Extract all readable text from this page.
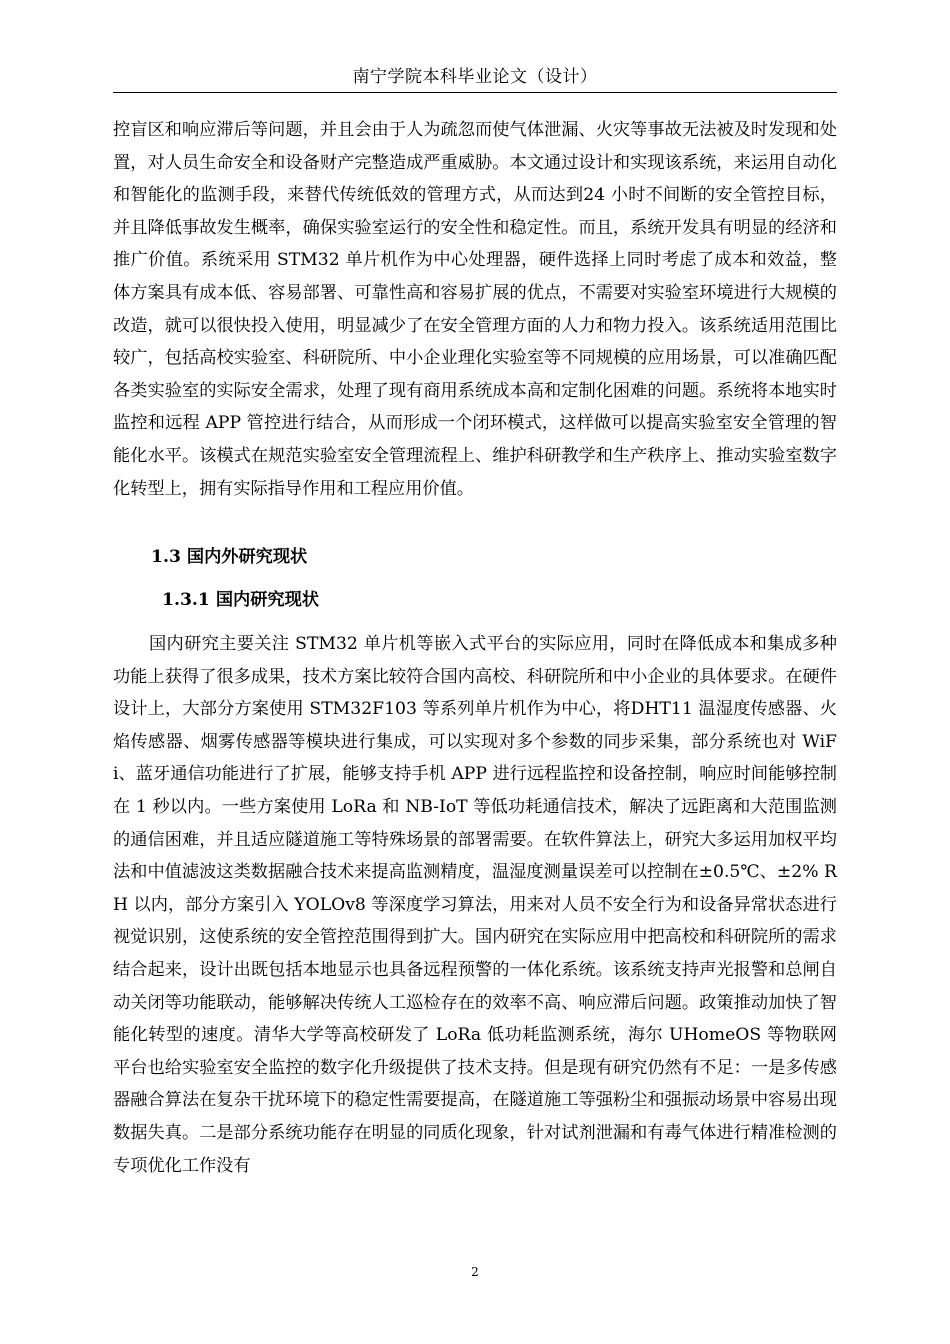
南宁学院本科毕业论文（设计）

控盲区和响应滞后等问题，并且会由于人为疏忽而使气体泄漏、火灾等事故无法被及时发现和处置，对人员生命安全和设备财产完整造成严重威胁。本文通过设计和实现该系统，来运用自动化和智能化的监测手段，来替代传统低效的管理方式，从而达到24 小时不间断的安全管控目标，并且降低事故发生概率，确保实验室运行的安全性和稳定性。而且，系统开发具有明显的经济和推广价值。系统采用 STM32 单片机作为中心处理器，硬件选择上同时考虑了成本和效益，整体方案具有成本低、容易部署、可靠性高和容易扩展的优点，不需要对实验室环境进行大规模的改造，就可以很快投入使用，明显减少了在安全管理方面的人力和物力投入。该系统适用范围比较广，包括高校实验室、科研院所、中小企业理化实验室等不同规模的应用场景，可以准确匹配各类实验室的实际安全需求，处理了现有商用系统成本高和定制化困难的问题。系统将本地实时监控和远程 APP 管控进行结合，从而形成一个闭环模式，这样做可以提高实验室安全管理的智能化水平。该模式在规范实验室安全管理流程上、维护科研教学和生产秩序上、推动实验室数字化转型上，拥有实际指导作用和工程应用价值。

1.3 国内外研究现状
1.3.1 国内研究现状

国内研究主要关注 STM32 单片机等嵌入式平台的实际应用，同时在降低成本和集成多种功能上获得了很多成果，技术方案比较符合国内高校、科研院所和中小企业的具体要求。在硬件设计上，大部分方案使用 STM32F103 等系列单片机作为中心，将DHT11 温湿度传感器、火焰传感器、烟雾传感器等模块进行集成，可以实现对多个参数的同步采集，部分系统也对 WiFi、蓝牙通信功能进行了扩展，能够支持手机 APP 进行远程监控和设备控制，响应时间能够控制在 1 秒以内。一些方案使用 LoRa 和 NB-IoT 等低功耗通信技术，解决了远距离和大范围监测的通信困难，并且适应隧道施工等特殊场景的部署需要。在软件算法上，研究大多运用加权平均法和中值滤波这类数据融合技术来提高监测精度，温湿度测量误差可以控制在±0.5℃、±2% RH 以内，部分方案引入 YOLOv8 等深度学习算法，用来对人员不安全行为和设备异常状态进行视觉识别，这使系统的安全管控范围得到扩大。国内研究在实际应用中把高校和科研院所的需求结合起来，设计出既包括本地显示也具备远程预警的一体化系统。该系统支持声光报警和总闸自动关闭等功能联动，能够解决传统人工巡检存在的效率不高、响应滞后问题。政策推动加快了智能化转型的速度。清华大学等高校研发了 LoRa 低功耗监测系统，海尔 UHomeOS 等物联网平台也给实验室安全监控的数字化升级提供了技术支持。但是现有研究仍然有不足：一是多传感器融合算法在复杂干扰环境下的稳定性需要提高，在隧道施工等强粉尘和强振动场景中容易出现数据失真。二是部分系统功能存在明显的同质化现象，针对试剂泄漏和有毒气体进行精准检测的专项优化工作没有

2
